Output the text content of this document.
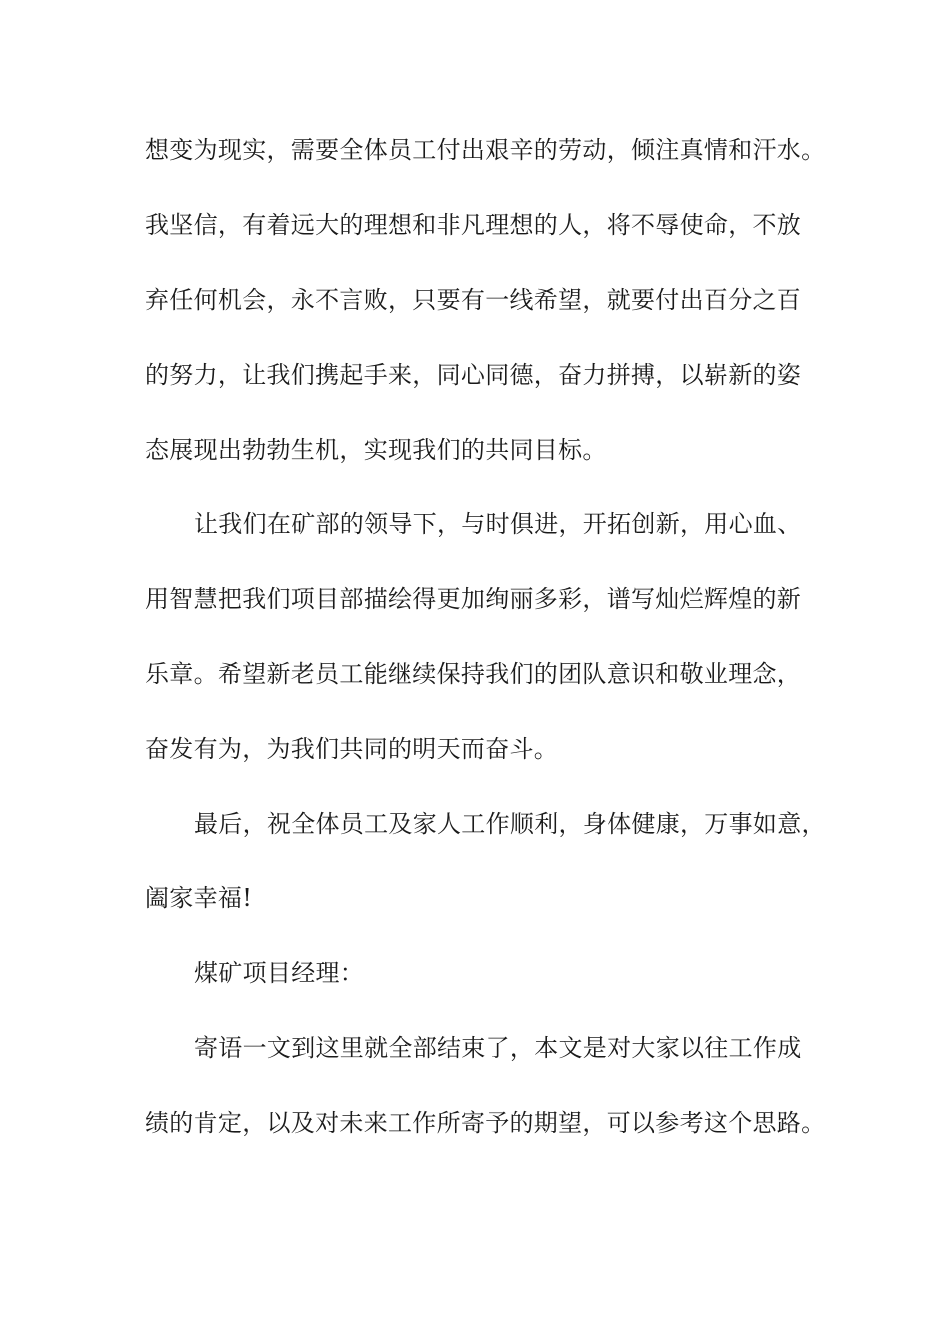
想变为现实，需要全体员工付出艰辛的劳动，倾注真情和汗水。
我坚信，有着远大的理想和非凡理想的人，将不辱使命，不放
弃任何机会，永不言败，只要有一线希望，就要付出百分之百
的努力，让我们携起手来，同心同德，奋力拼搏，以崭新的姿
态展现出勃勃生机，实现我们的共同目标。
让我们在矿部的领导下，与时俱进，开拓创新，用心血、
用智慧把我们项目部描绘得更加绚丽多彩，谱写灿烂辉煌的新
乐章。希望新老员工能继续保持我们的团队意识和敬业理念，
奋发有为，为我们共同的明天而奋斗。
最后，祝全体员工及家人工作顺利，身体健康，万事如意，
阖家幸福!
煤矿项目经理：
寄语一文到这里就全部结束了，本文是对大家以往工作成
绩的肯定，以及对未来工作所寄予的期望，可以参考这个思路。
